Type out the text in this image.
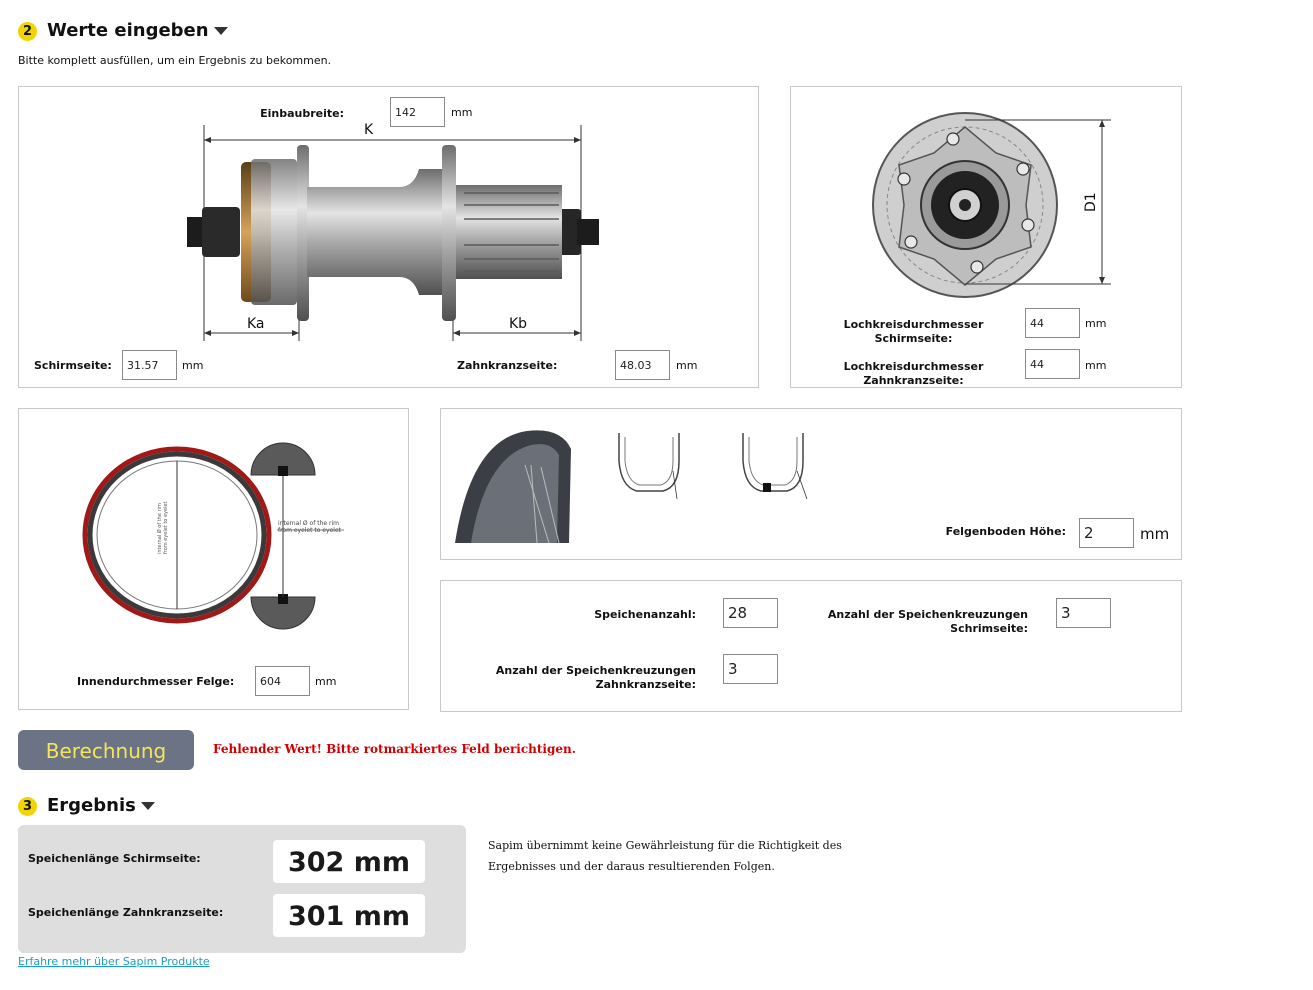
2 Werte eingeben
Bitte komplett ausfüllen, um ein Ergebnis zu bekommen.
Einbaubreite:
142	mm
K
Ka	Kb
Schirmseite:
31.57	mm	Zahnkranzseite:
48.03	mm
D1
Lochkreisdurchmesser
Schirmseite:
44
mm
Lochkreisdurchmesser
Zahnkranzseite:
44
mm
internal Ø of the rim
from eyelet to eyelet	internal Ø of the rim
from eyelet to eyelet
Innendurchmesser Felge:
604	mm
Felgenboden Höhe:
2	mm
Speichenanzahl:
28	Anzahl der Speichenkreuzungen
Schrimseite:
3
Anzahl der Speichenkreuzungen
Zahnkranzseite:
3
Berechnung	Fehlender Wert! Bitte rotmarkiertes Feld berichtigen.
3 Ergebnis
Speichenlänge Schirmseite:	302 mm
Speichenlänge Zahnkranzseite:	301 mm
Sapim übernimmt keine Gewährleistung für die Richtigkeit des Ergebnisses und der daraus resultierenden Folgen.
Erfahre mehr über Sapim Produkte
